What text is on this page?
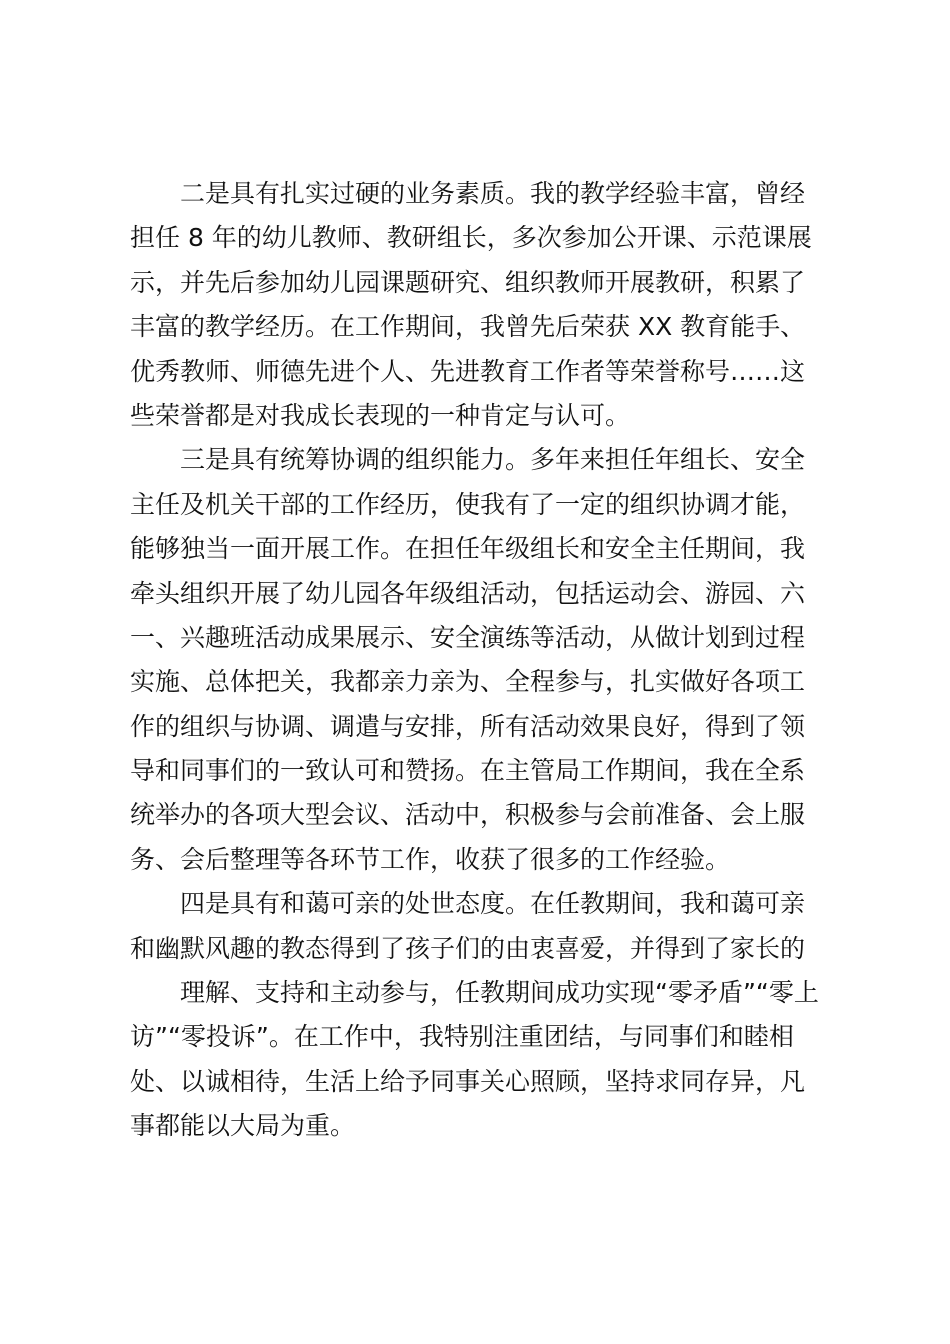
二是具有扎实过硬的业务素质。我的教学经验丰富，曾经
担任 8 年的幼儿教师、教研组长，多次参加公开课、示范课展
示，并先后参加幼儿园课题研究、组织教师开展教研，积累了
丰富的教学经历。在工作期间，我曾先后荣获 XX 教育能手、
优秀教师、师德先进个人、先进教育工作者等荣誉称号……这
些荣誉都是对我成长表现的一种肯定与认可。
三是具有统筹协调的组织能力。多年来担任年组长、安全
主任及机关干部的工作经历，使我有了一定的组织协调才能，
能够独当一面开展工作。在担任年级组长和安全主任期间，我
牵头组织开展了幼儿园各年级组活动，包括运动会、游园、六
一、兴趣班活动成果展示、安全演练等活动，从做计划到过程
实施、总体把关，我都亲力亲为、全程参与，扎实做好各项工
作的组织与协调、调遣与安排，所有活动效果良好，得到了领
导和同事们的一致认可和赞扬。在主管局工作期间，我在全系
统举办的各项大型会议、活动中，积极参与会前准备、会上服
务、会后整理等各环节工作，收获了很多的工作经验。
四是具有和蔼可亲的处世态度。在任教期间，我和蔼可亲
和幽默风趣的教态得到了孩子们的由衷喜爱，并得到了家长的
理解、支持和主动参与，任教期间成功实现“零矛盾”“零上
访”“零投诉”。在工作中，我特别注重团结，与同事们和睦相
处、以诚相待，生活上给予同事关心照顾，坚持求同存异，凡
事都能以大局为重。
